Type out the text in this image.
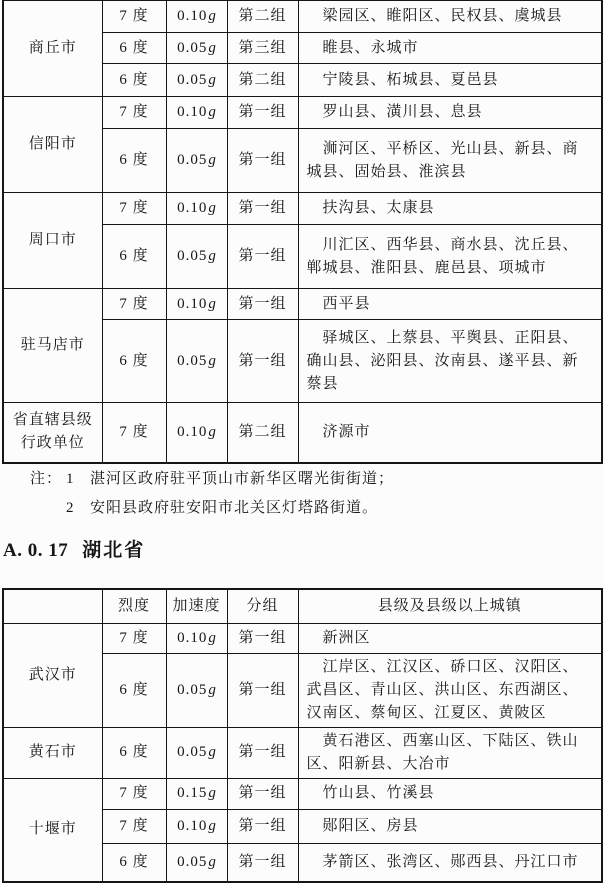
商丘市	7 度	0.10g	第二组	梁园区、睢阳区、民权县、虞城县
	6 度	0.05g	第三组	睢县、永城市
	6 度	0.05g	第二组	宁陵县、柘城县、夏邑县
信阳市	7 度	0.10g	第一组	罗山县、潢川县、息县
	6 度	0.05g	第一组	浉河区、平桥区、光山县、新县、商城县、固始县、淮滨县
周口市	7 度	0.10g	第一组	扶沟县、太康县
	6 度	0.05g	第一组	川汇区、西华县、商水县、沈丘县、郸城县、淮阳县、鹿邑县、项城市
驻马店市	7 度	0.10g	第一组	西平县
	6 度	0.05g	第一组	驿城区、上蔡县、平舆县、正阳县、确山县、泌阳县、汝南县、遂平县、新蔡县
省直辖县级行政单位	7 度	0.10g	第二组	济源市
注： 1	湛河区政府驻平顶山市新华区曙光街街道；
2	安阳县政府驻安阳市北关区灯塔路街道。
A. 0. 17 湖北省
	烈度	加速度	分组	县级及县级以上城镇
武汉市	7 度	0.10g	第一组	新洲区
	6 度	0.05g	第一组	江岸区、江汉区、硚口区、汉阳区、武昌区、青山区、洪山区、东西湖区、汉南区、蔡甸区、江夏区、黄陂区
黄石市	6 度	0.05g	第一组	黄石港区、西塞山区、下陆区、铁山区、阳新县、大冶市
十堰市	7 度	0.15g	第一组	竹山县、竹溪县
	7 度	0.10g	第一组	郧阳区、房县
	6 度	0.05g	第一组	茅箭区、张湾区、郧西县、丹江口市
